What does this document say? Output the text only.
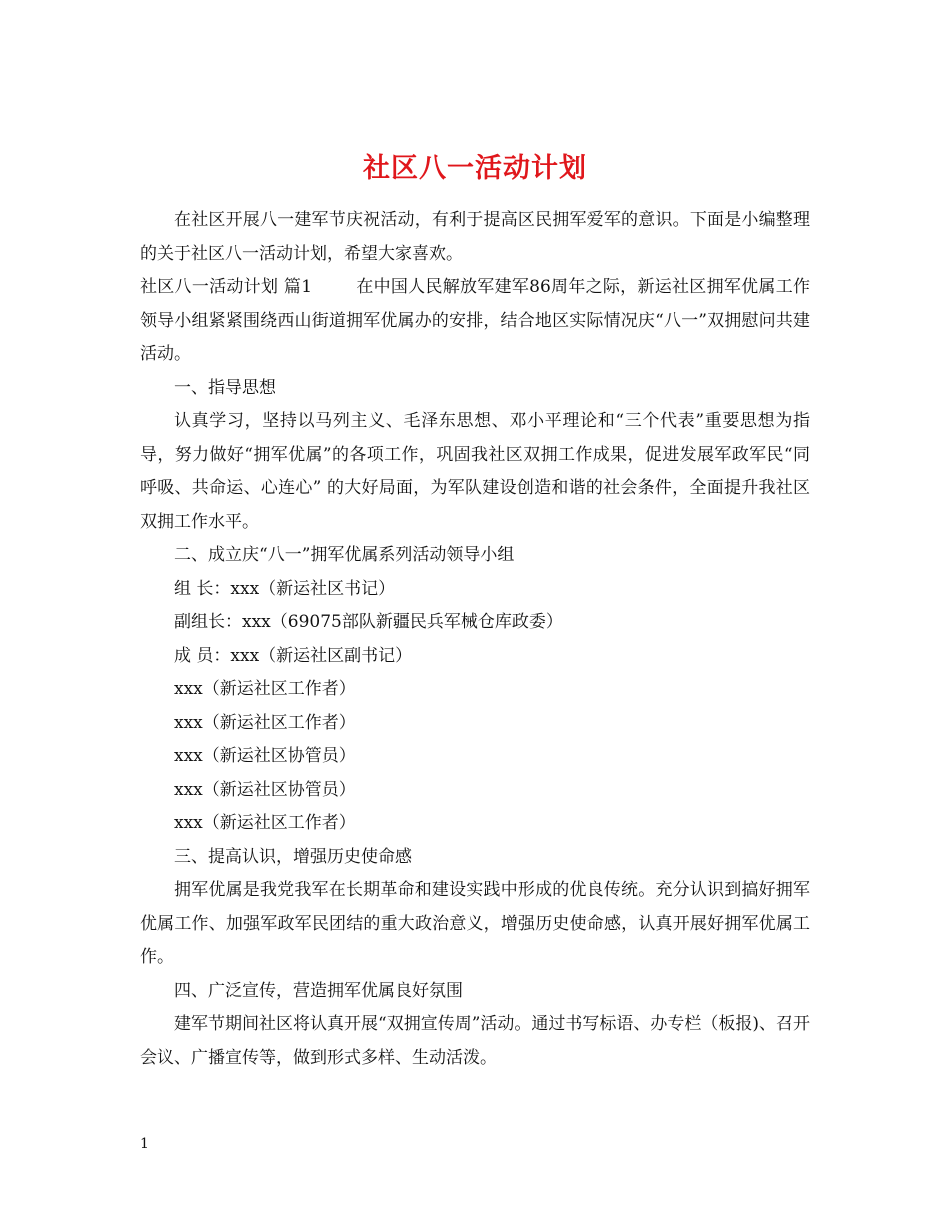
社区八一活动计划

在社区开展八一建军节庆祝活动，有利于提高区民拥军爱军的意识。下面是小编整理的关于社区八一活动计划，希望大家喜欢。

社区八一活动计划 篇1	在中国人民解放军建军86周年之际，新运社区拥军优属工作领导小组紧紧围绕西山街道拥军优属办的安排，结合地区实际情况庆“八一”双拥慰问共建活动。

一、指导思想

认真学习，坚持以马列主义、毛泽东思想、邓小平理论和“三个代表”重要思想为指导，努力做好“拥军优属”的各项工作，巩固我社区双拥工作成果，促进发展军政军民“同呼吸、共命运、心连心” 的大好局面，为军队建设创造和谐的社会条件，全面提升我社区双拥工作水平。

二、成立庆“八一”拥军优属系列活动领导小组

组 长：xxx（新运社区书记）

副组长：xxx（69075部队新疆民兵军械仓库政委）

成 员：xxx（新运社区副书记）

xxx（新运社区工作者）

xxx（新运社区工作者）

xxx（新运社区协管员）

xxx（新运社区协管员）

xxx（新运社区工作者）

三、提高认识，增强历史使命感

拥军优属是我党我军在长期革命和建设实践中形成的优良传统。充分认识到搞好拥军优属工作、加强军政军民团结的重大政治意义，增强历史使命感，认真开展好拥军优属工作。

四、广泛宣传，营造拥军优属良好氛围

建军节期间社区将认真开展“双拥宣传周”活动。通过书写标语、办专栏（板报)、召开会议、广播宣传等，做到形式多样、生动活泼。

1
